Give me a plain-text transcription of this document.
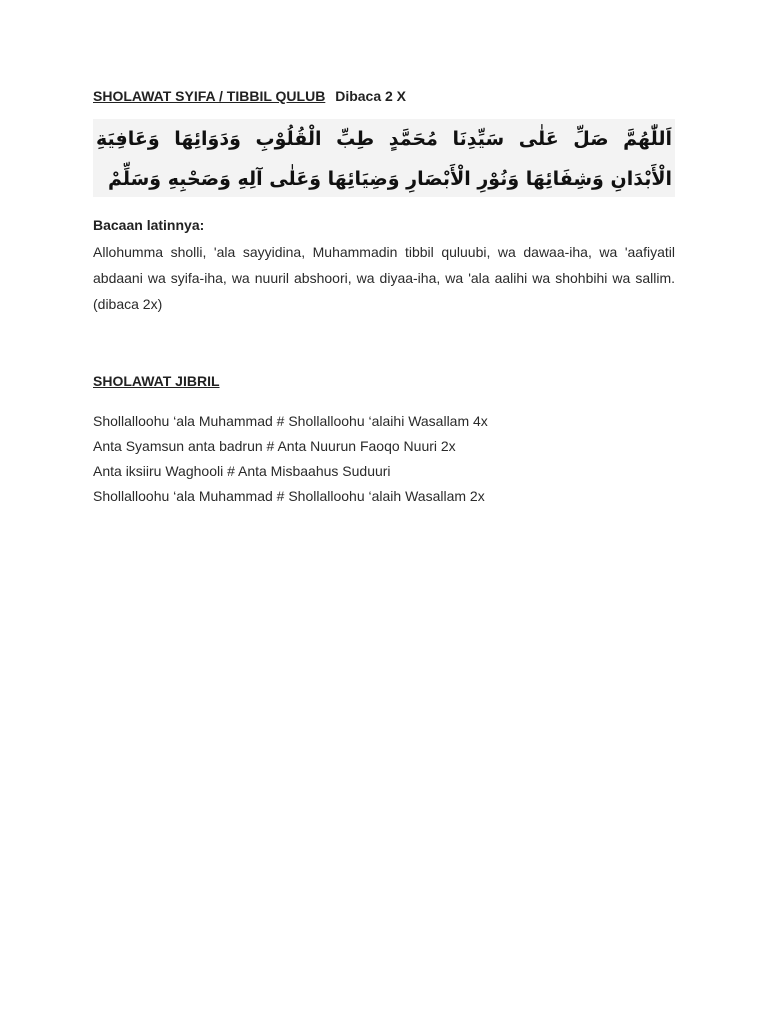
SHOLAWAT SYIFA / TIBBIL QULUB Dibaca 2 X

اَللّٰهُمَّ صَلِّ عَلٰى سَيِّدِنَا مُحَمَّدٍ طِبِّ الْقُلُوْبِ وَدَوَائِهَا وَعَافِيَةِ الْأَبْدَانِ وَشِفَائِهَا وَنُوْرِ الْأَبْصَارِ وَضِيَائِهَا وَعَلٰى آلِهِ وَصَحْبِهِ وَسَلِّمْ
Bacaan latinnya:
Allohumma sholli, 'ala sayyidina, Muhammadin tibbil quluubi, wa dawaa-iha, wa 'aafiyatil abdaani wa syifa-iha, wa nuuril abshoori, wa diyaa-iha, wa 'ala aalihi wa shohbihi wa sallim. (dibaca 2x)

SHOLAWAT JIBRIL

Shollalloohu ‘ala Muhammad # Shollalloohu ‘alaihi Wasallam 4x
Anta Syamsun anta badrun # Anta Nuurun Faoqo Nuuri 2x
Anta iksiiru Waghooli # Anta Misbaahus Suduuri
Shollalloohu ‘ala Muhammad # Shollalloohu ‘alaih Wasallam 2x
